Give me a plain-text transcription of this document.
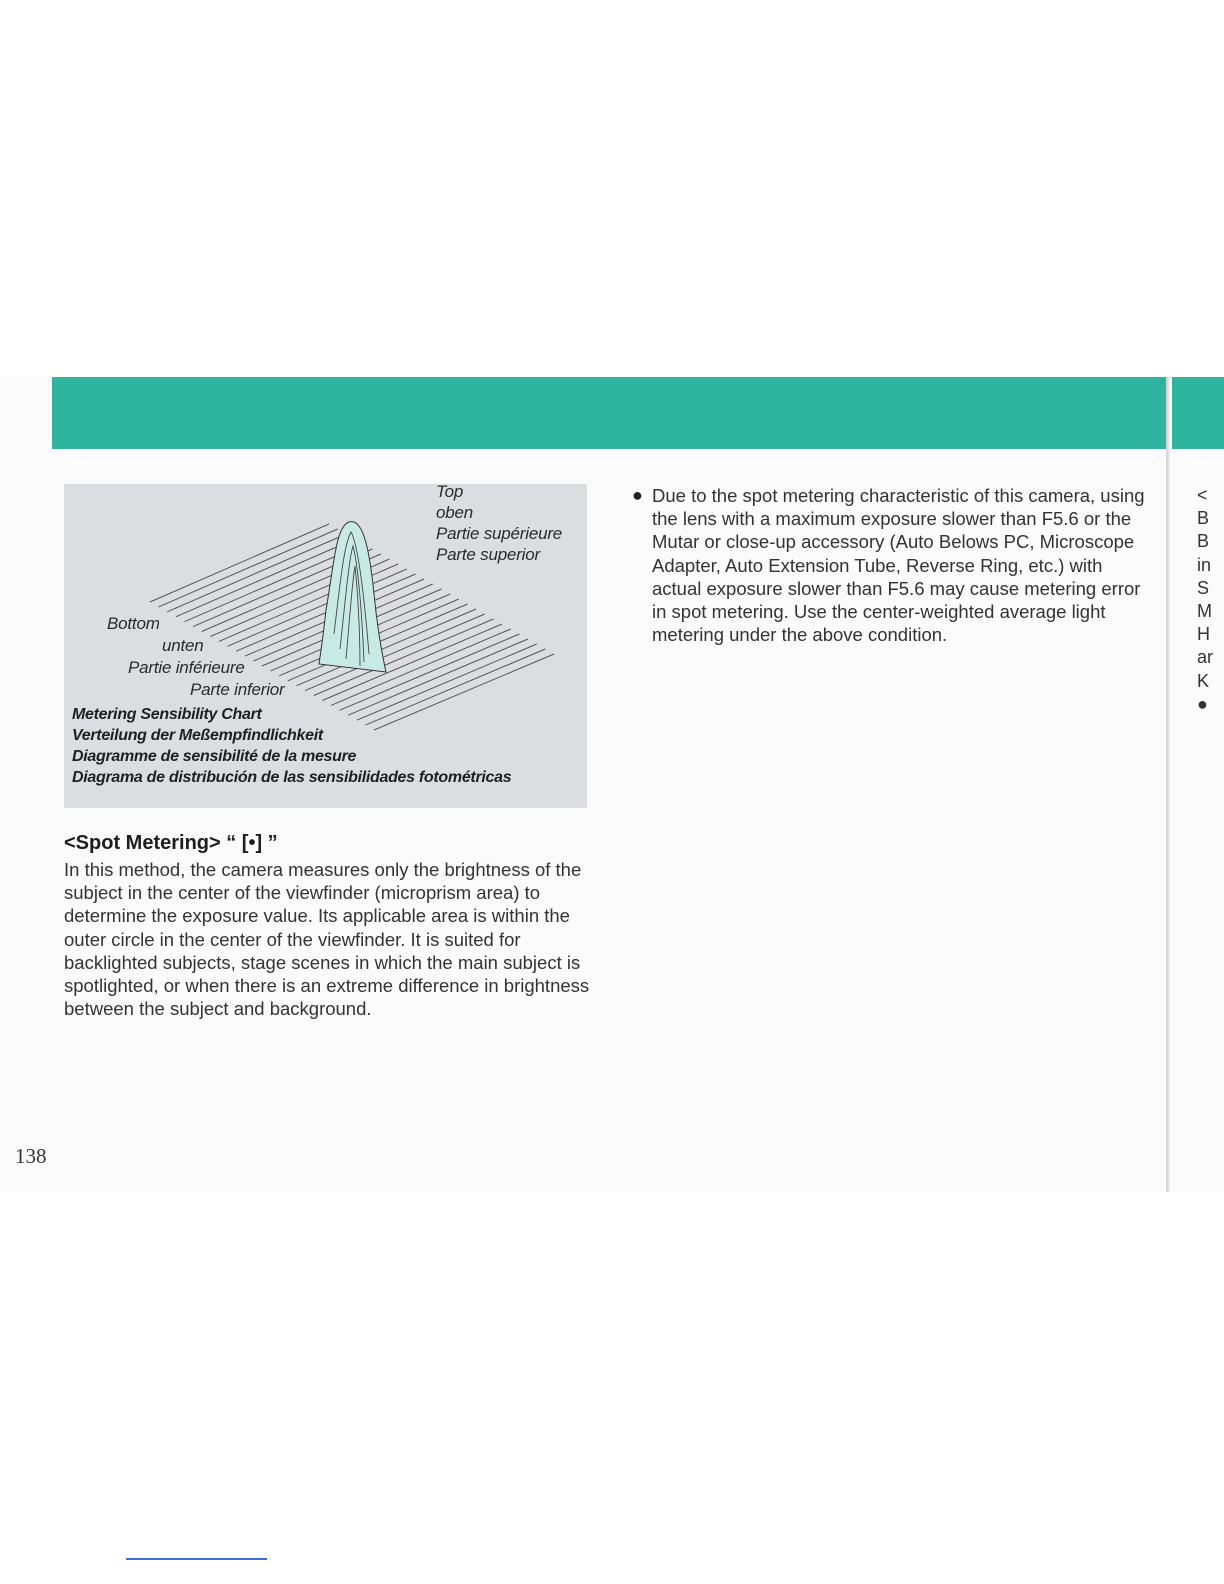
Top
oben
Partie supérieure
Parte superior
Bottom
unten
Partie inférieure
Parte inferior
Metering Sensibility Chart
Verteilung der Meßempfindlichkeit
Diagramme de sensibilité de la mesure
Diagrama de distribución de las sensibilidades fotométricas
<Spot Metering> “ [•] ”
In this method, the camera measures only the brightness of the subject in the center of the viewfinder (microprism area) to determine the exposure value. Its applicable area is within the outer circle in the center of the viewfinder. It is suited for backlighted subjects, stage scenes in which the main subject is spotlighted, or when there is an extreme difference in brightness between the subject and background.
● Due to the spot metering characteristic of this camera, using the lens with a maximum exposure slower than F5.6 or the Mutar or close-up accessory (Auto Belows PC, Microscope Adapter, Auto Extension Tube, Reverse Ring, etc.) with actual exposure slower than F5.6 may cause metering error in spot metering. Use the center-weighted average light metering under the above condition.
138
<
B
B
in
S
M
H
ar
K
●
